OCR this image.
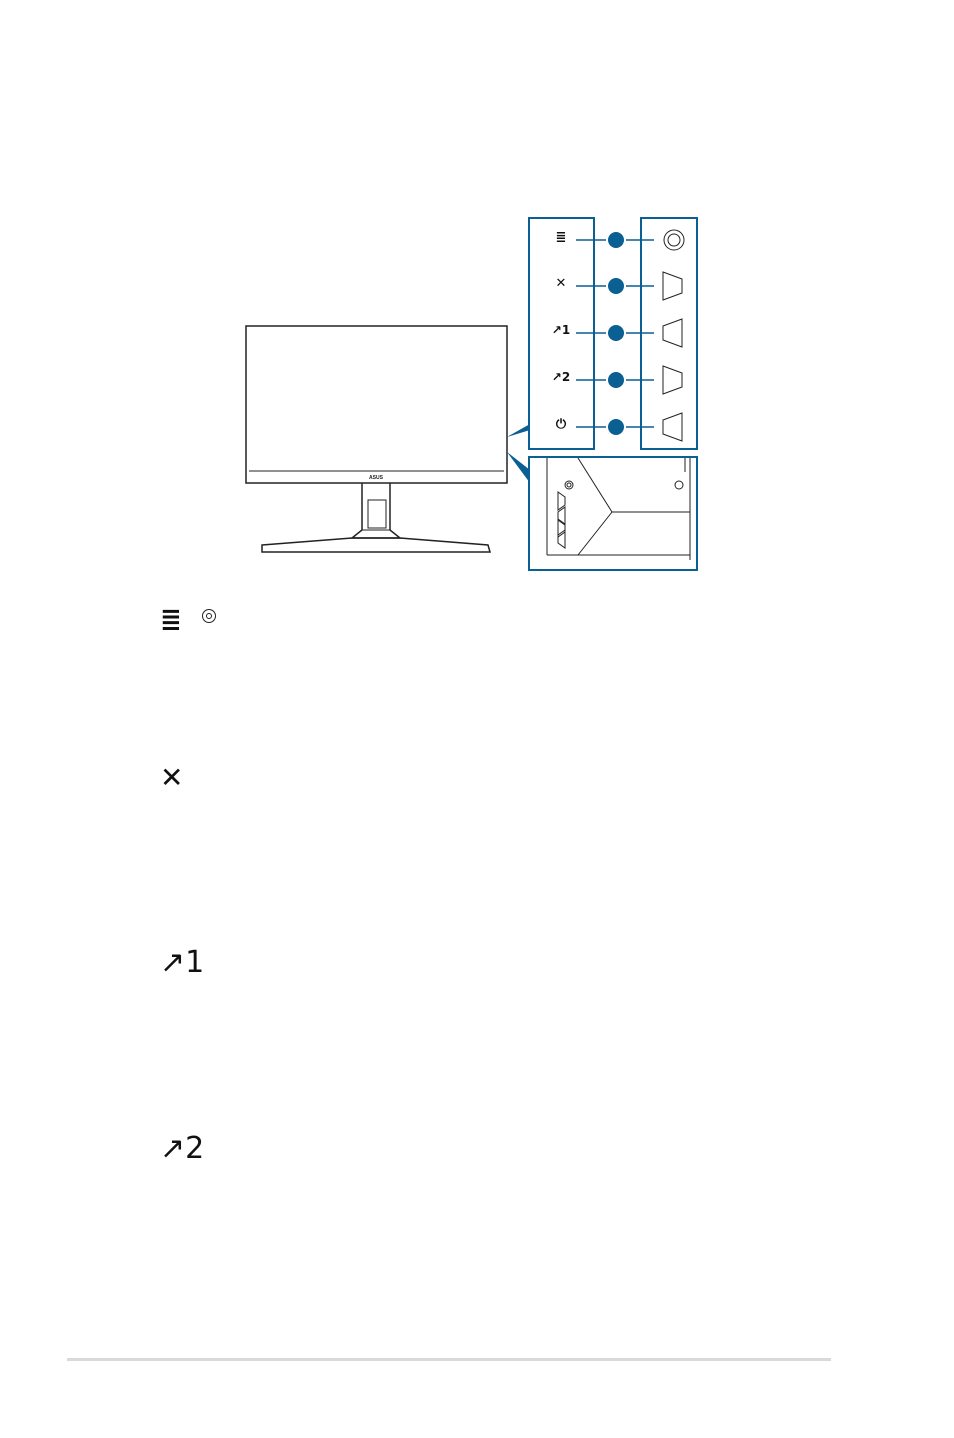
ASUS
≣
✕
↗1
↗2
⏻
≣
✕
↗1
↗2
